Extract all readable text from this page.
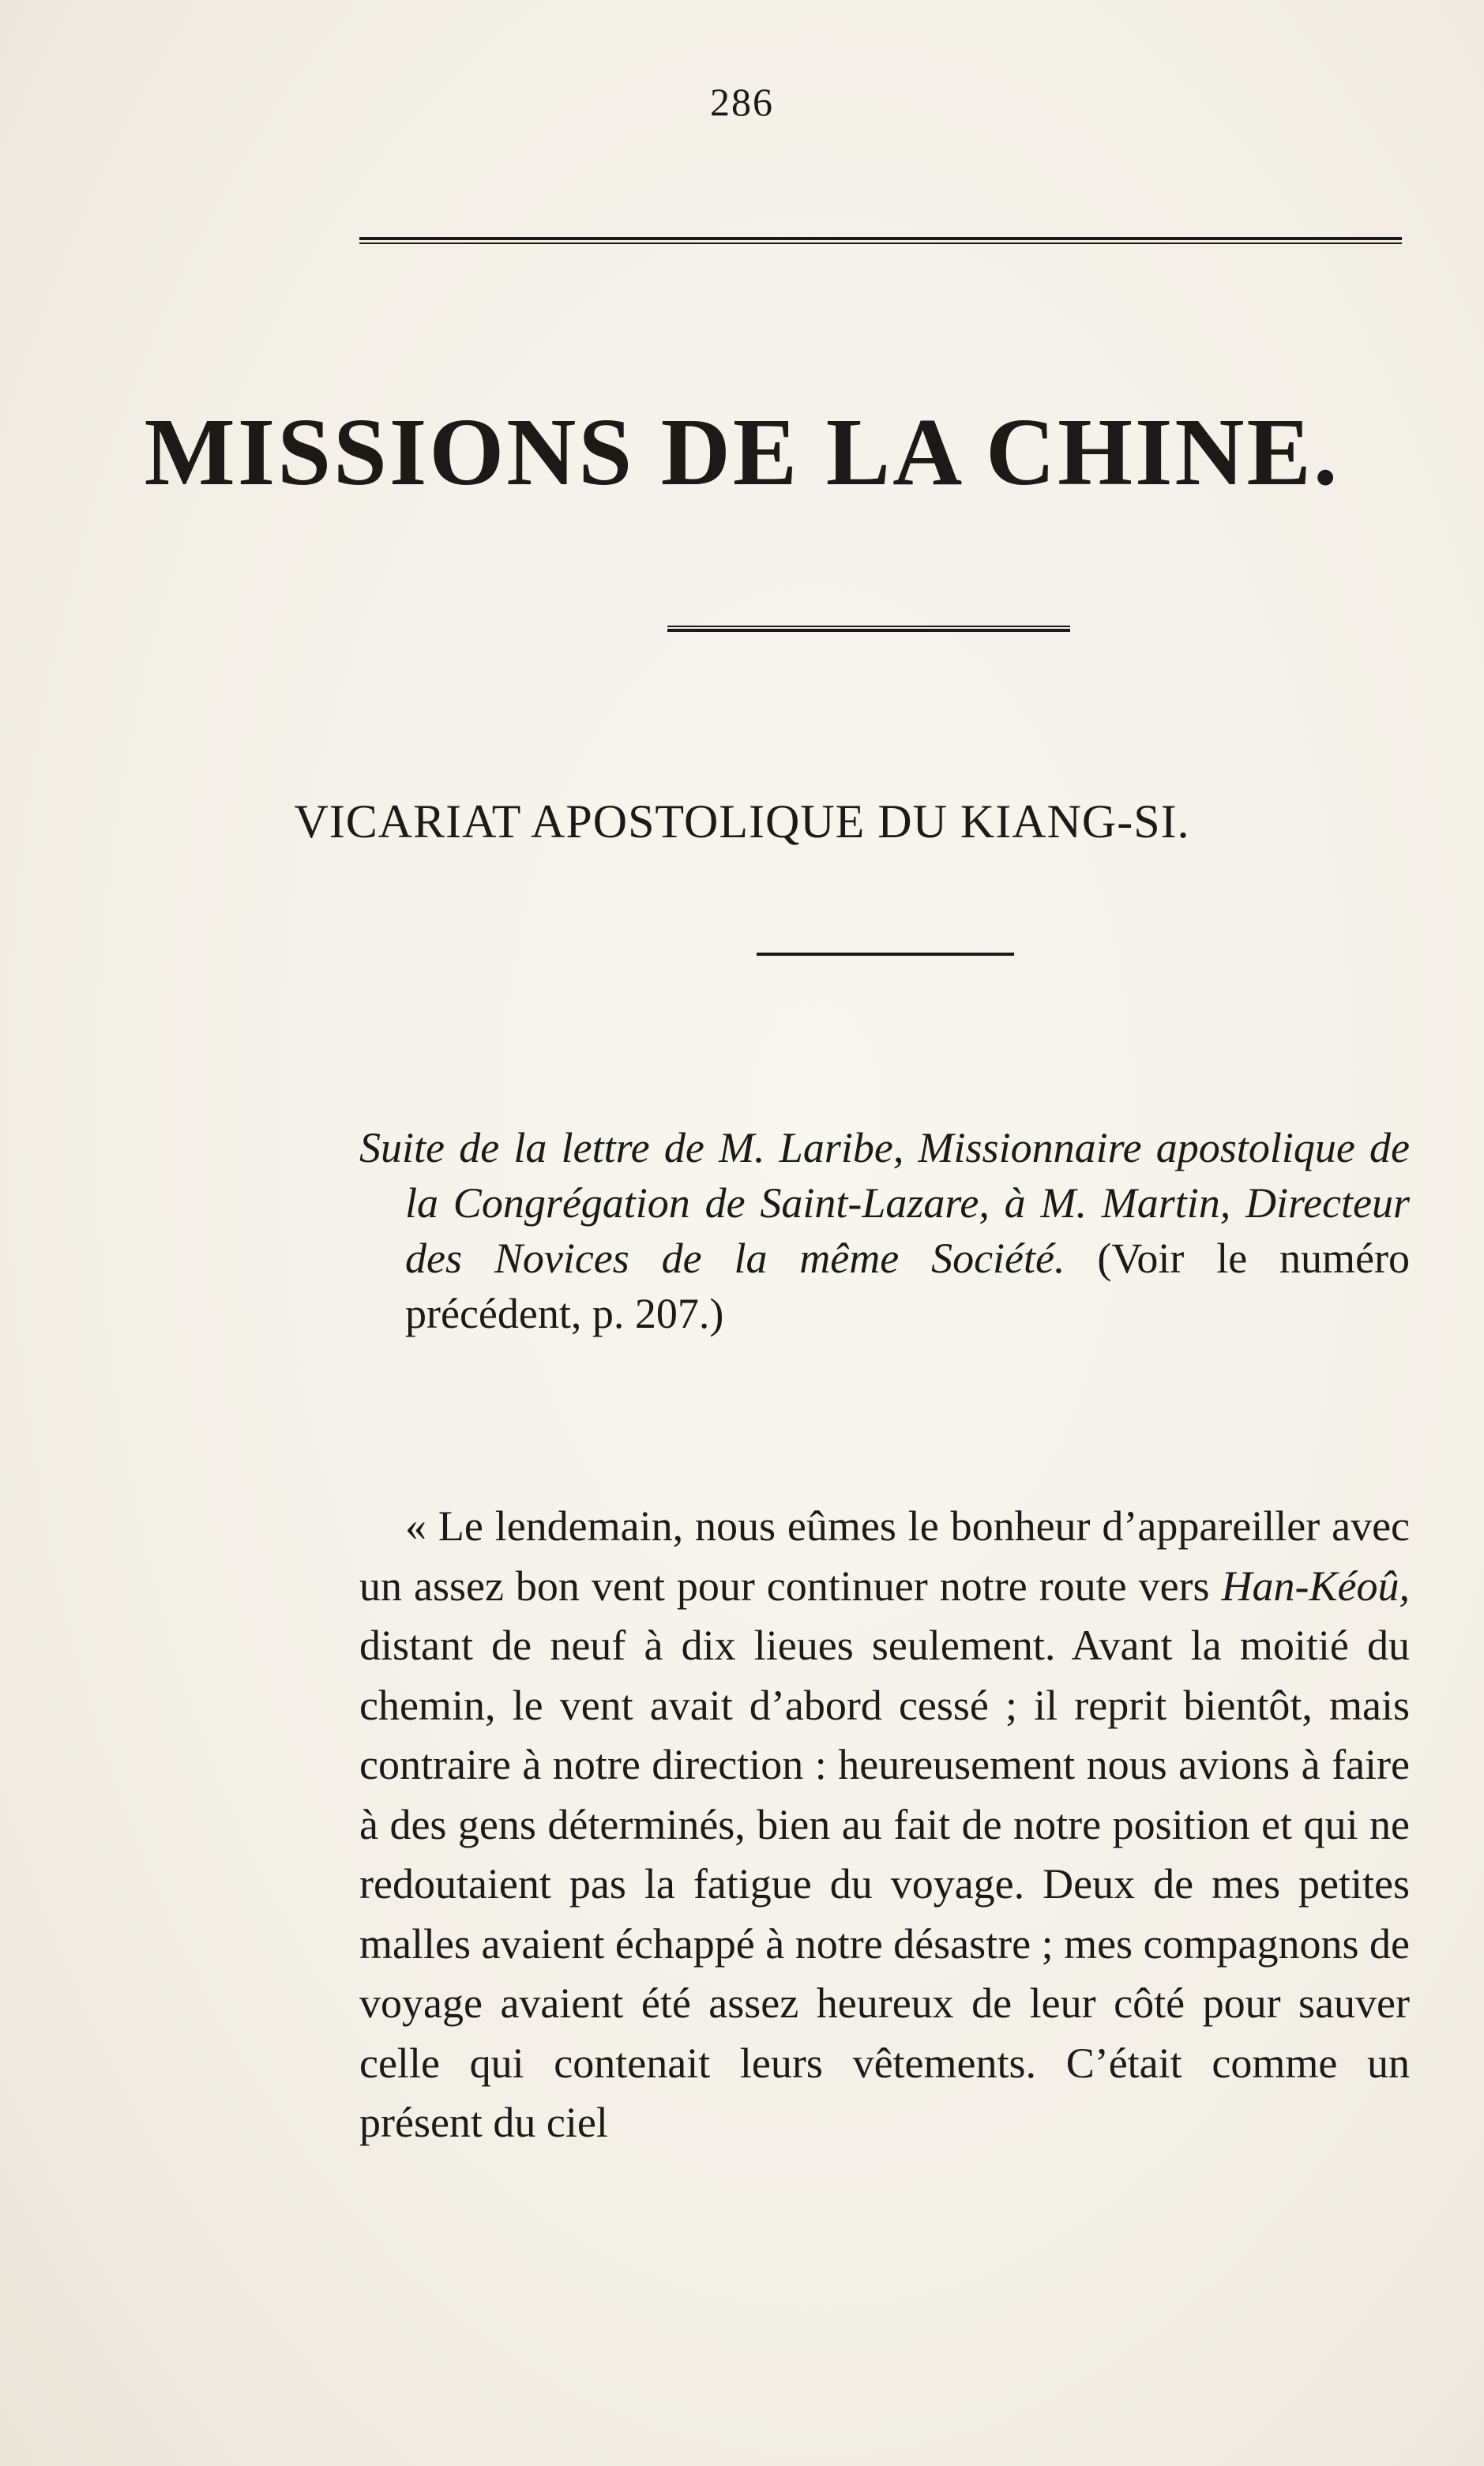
286
MISSIONS DE LA CHINE.
VICARIAT APOSTOLIQUE DU KIANG-SI.

Suite de la lettre de M. Laribe, Missionnaire apostolique de la Congrégation de Saint-Lazare, à M. Martin, Directeur des Novices de la même Société. (Voir le numéro précédent, p. 207.)

« Le lendemain, nous eûmes le bonheur d’appareiller avec un assez bon vent pour continuer notre route vers Han-Kéoû, distant de neuf à dix lieues seulement. Avant la moitié du chemin, le vent avait d’abord cessé ; il reprit bientôt, mais contraire à notre direction : heureusement nous avions à faire à des gens déterminés, bien au fait de notre position et qui ne redoutaient pas la fatigue du voyage. Deux de mes petites malles avaient échappé à notre désastre ; mes compagnons de voyage avaient été assez heureux de leur côté pour sauver celle qui contenait leurs vêtements. C’était comme un présent du ciel
